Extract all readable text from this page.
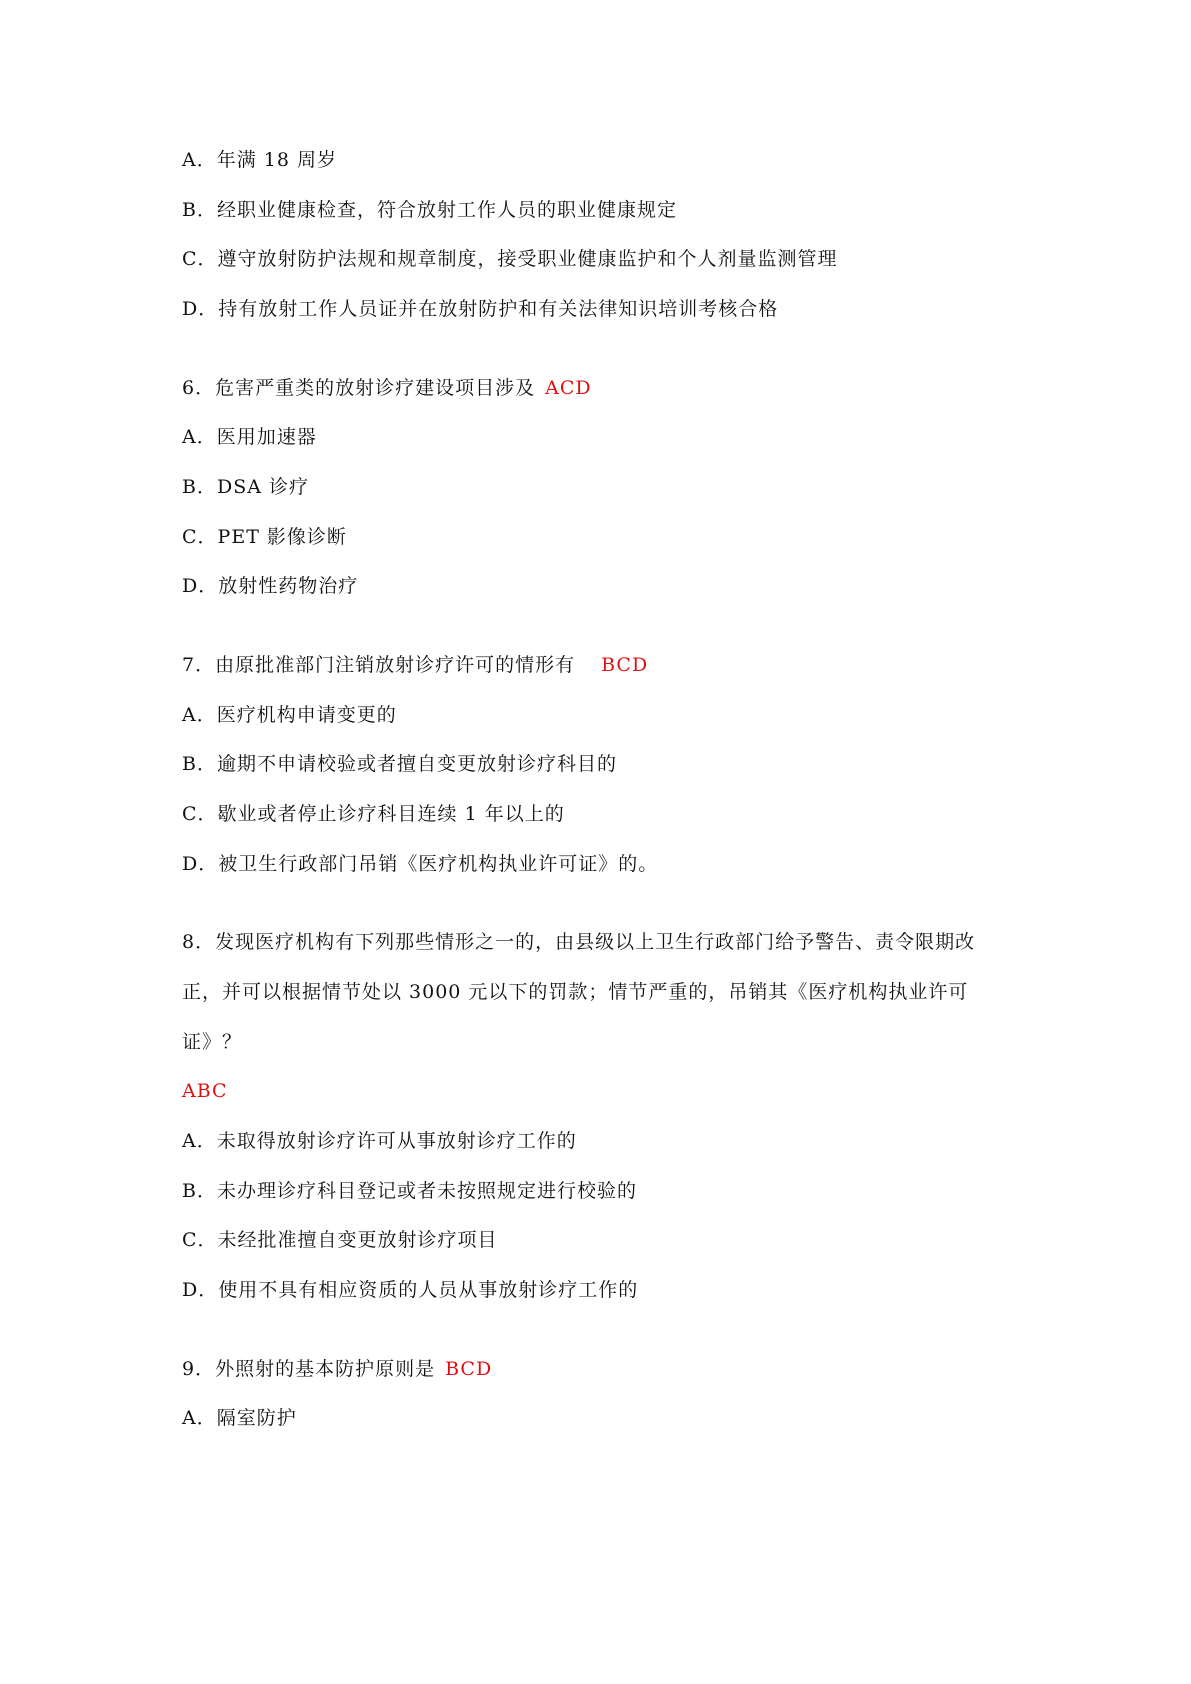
A．年满 18 周岁
B．经职业健康检查，符合放射工作人员的职业健康规定
C．遵守放射防护法规和规章制度，接受职业健康监护和个人剂量监测管理
D．持有放射工作人员证并在放射防护和有关法律知识培训考核合格
6．危害严重类的放射诊疗建设项目涉及 ACD
A．医用加速器
B．DSA 诊疗
C．PET 影像诊断
D．放射性药物治疗
7．由原批准部门注销放射诊疗许可的情形有 BCD
A．医疗机构申请变更的
B．逾期不申请校验或者擅自变更放射诊疗科目的
C．歇业或者停止诊疗科目连续 1 年以上的
D．被卫生行政部门吊销《医疗机构执业许可证》的。
8．发现医疗机构有下列那些情形之一的，由县级以上卫生行政部门给予警告、责令限期改
正，并可以根据情节处以 3000 元以下的罚款；情节严重的，吊销其《医疗机构执业许可
证》？
ABC
A．未取得放射诊疗许可从事放射诊疗工作的
B．未办理诊疗科目登记或者未按照规定进行校验的
C．未经批准擅自变更放射诊疗项目
D．使用不具有相应资质的人员从事放射诊疗工作的
9．外照射的基本防护原则是 BCD
A．隔室防护
